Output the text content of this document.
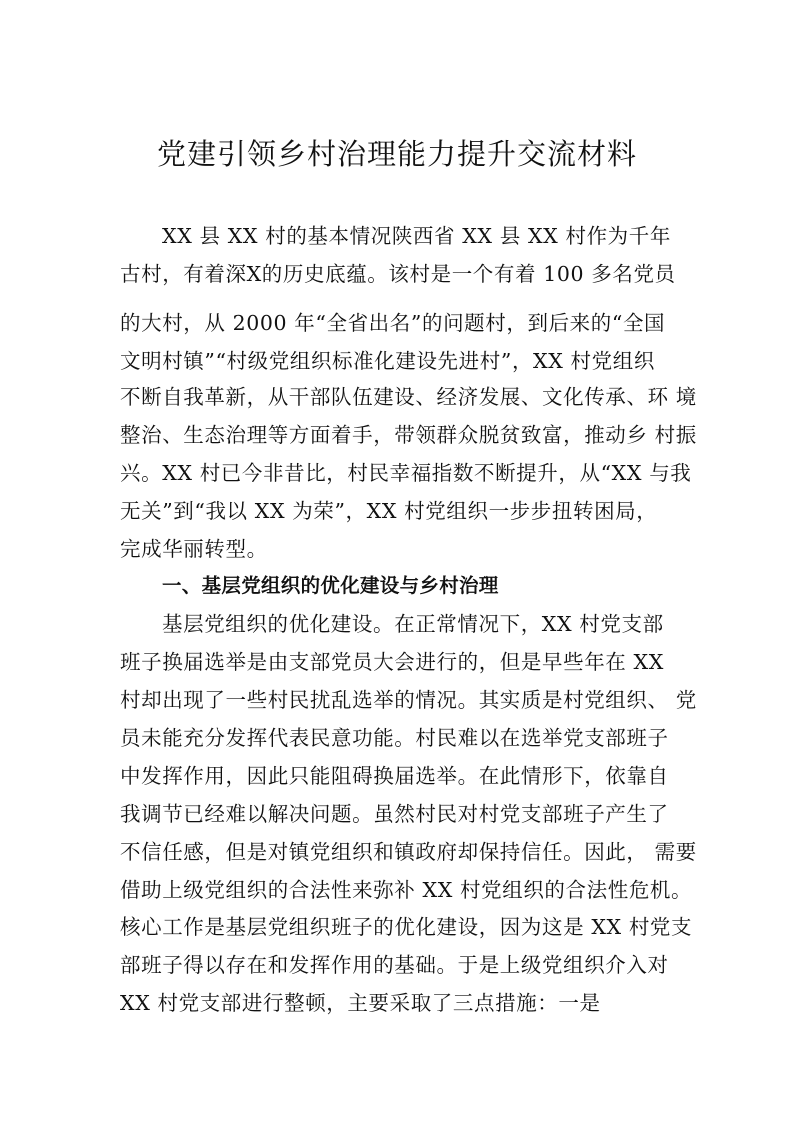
党建引领乡村治理能力提升交流材料
XX 县 XX 村的基本情况陕西省 XX 县 XX 村作为千年
古村，有着深X的历史底蕴。该村是一个有着 100 多名党员
的大村，从 2000 年“全省出名”的问题村，到后来的“全国
文明村镇”“村级党组织标准化建设先进村”，XX 村党组织
不断自我革新，从干部队伍建设、经济发展、文化传承、环 境
整治、生态治理等方面着手，带领群众脱贫致富，推动乡 村振
兴。XX 村已今非昔比，村民幸福指数不断提升，从“XX 与我
无关”到“我以 XX 为荣”，XX 村党组织一步步扭转困局，
完成华丽转型。
一、基层党组织的优化建设与乡村治理
基层党组织的优化建设。在正常情况下，XX 村党支部
班子换届选举是由支部党员大会进行的，但是早些年在 XX
村却出现了一些村民扰乱选举的情况。其实质是村党组织、 党
员未能充分发挥代表民意功能。村民难以在选举党支部班子
中发挥作用，因此只能阻碍换届选举。在此情形下，依靠自
我调节已经难以解决问题。虽然村民对村党支部班子产生了
不信任感，但是对镇党组织和镇政府却保持信任。因此， 需要
借助上级党组织的合法性来弥补 XX 村党组织的合法性危机。
核心工作是基层党组织班子的优化建设，因为这是 XX 村党支
部班子得以存在和发挥作用的基础。于是上级党组织介入对
XX 村党支部进行整顿，主要采取了三点措施：一是
